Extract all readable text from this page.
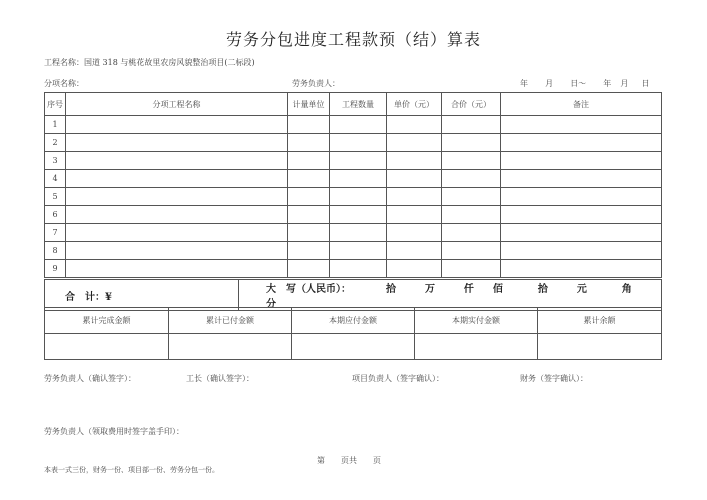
劳务分包进度工程款预（结）算表
工程名称：国道 318 与桃花故里农房风貌整治项目(二标段)
分项名称：	劳务负责人：	年 月 日～ 年 月 日
序号	分项工程名称	计量单位	工程数量	单价（元）	合价（元）	备注
1						
2						
3						
4						
5						
6						
7						
8						
9						
合　计：¥	大　写（人民币）：	拾	万	仟 佰	拾	元	角  分
累计完成金额	累计已付金额	本期应付金额	本期实付金额	累计余额

劳务负责人（确认签字）：	工长（确认签字）：	项目负责人（签字确认）：	财务（签字确认）：
劳务负责人（领取费用时签字盖手印）：
第　　页共　　页
本表一式三份，财务一份、项目部一份、劳务分包一份。
